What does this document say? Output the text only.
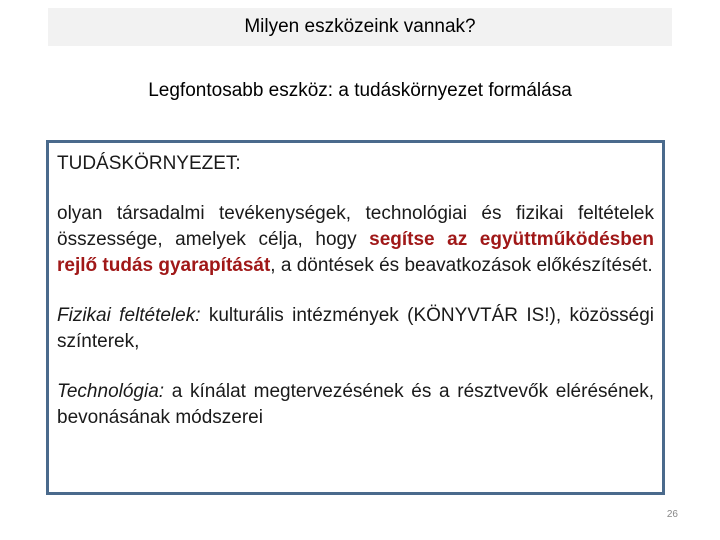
Milyen eszközeink vannak?
Legfontosabb eszköz: a tudáskörnyezet formálása

TUDÁSKÖRNYEZET:

olyan társadalmi tevékenységek, technológiai és fizikai feltételek összessége, amelyek célja, hogy segítse az együttműködésben rejlő tudás gyarapítását, a döntések és beavatkozások előkészítését.

Fizikai feltételek: kulturális intézmények (KÖNYVTÁR IS!), közösségi színterek,

Technológia: a kínálat megtervezésének és a résztvevők elérésének, bevonásának módszerei

26
